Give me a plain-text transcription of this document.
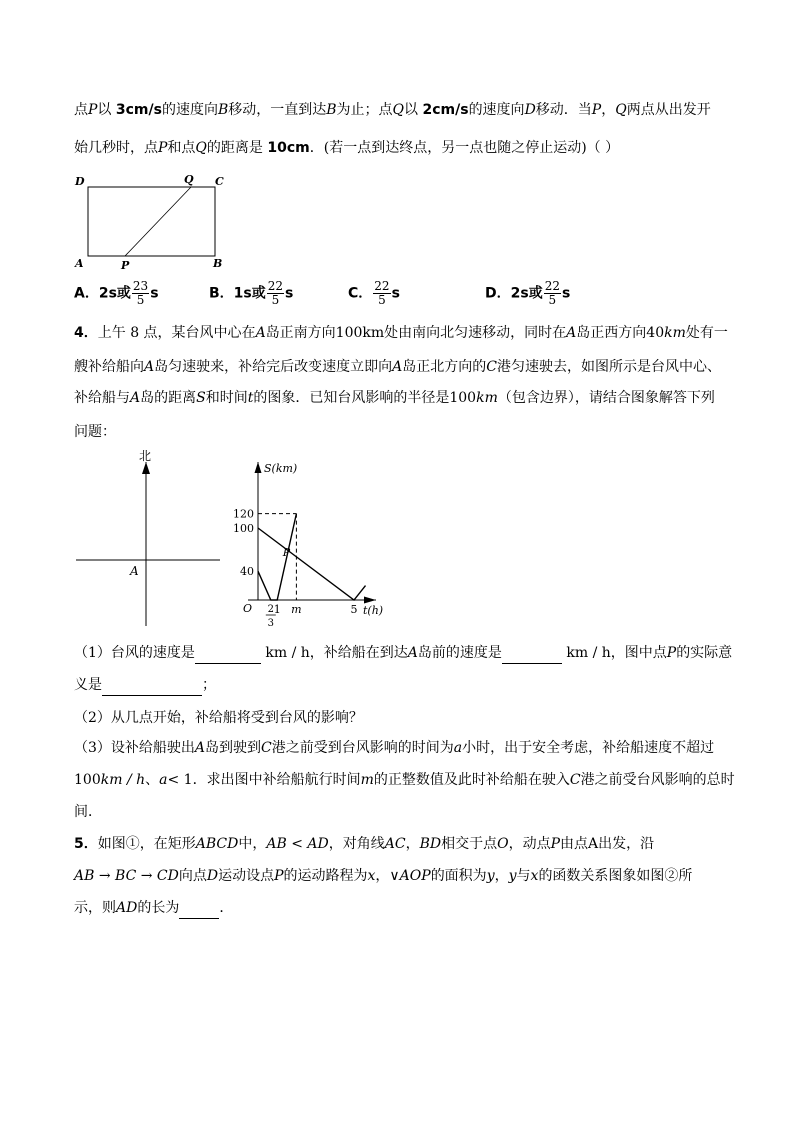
点P以 3cm/s的速度向B移动，一直到达B为止；点Q以 2cm/s的速度向D移动．当P，Q两点从出发开
始几秒时，点P和点Q的距离是 10cm．(若一点到达终点，另一点也随之停止运动)（ ）
D	Q C
A	P	B
A．2s或 $\frac{23}{5}$ s	B．1s或 $\frac{22}{5}$ s	C． $\frac{22}{5}$ s	D．2s或 $\frac{22}{5}$ s
4．上午 8 点，某台风中心在A岛正南方向100km处由南向北匀速移动，同时在A岛正西方向40km处有一
艘补给船向A岛匀速驶来，补给完后改变速度立即向A岛正北方向的C港匀速驶去，如图所示是台风中心、
补给船与A岛的距离S和时间t的图象．已知台风影响的半径是100km（包含边界），请结合图象解答下列
问题：
北
A
S(km)
t(h)
O
40
100
120
1 m	5
2
3
P
（1）台风的速度是	km / h，补给船在到达A岛前的速度是	km / h，图中点P的实际意
义是	；
（2）从几点开始，补给船将受到台风的影响？
（3）设补给船驶出A岛到驶到C港之前受到台风影响的时间为a小时，出于安全考虑，补给船速度不超过
100km / h、a< 1．求出图中补给船航行时间m的正整数值及此时补给船在驶入C港之前受台风影响的总时
间．
5．如图①，在矩形ABCD中，AB < AD，对角线AC，BD相交于点O，动点P由点A出发，沿
AB → BC → CD向点D运动设点P的运动路程为x，∨AOP的面积为y，y与x的函数关系图象如图②所
示，则AD的长为	．
